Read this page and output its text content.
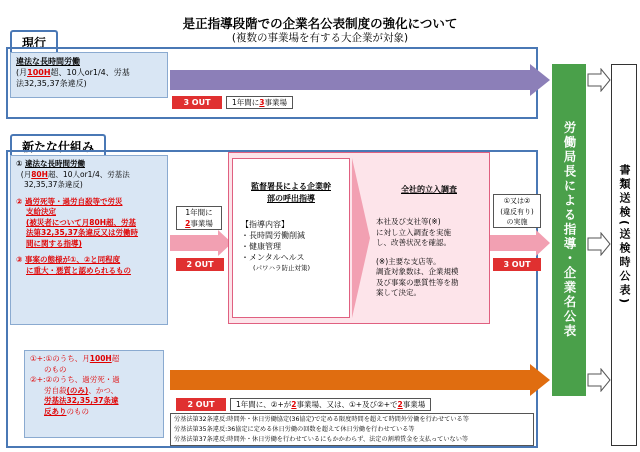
是正指導段階での企業名公表制度の強化について
(複数の事業場を有する大企業が対象)
現行
違法な長時間労働
(月100H超、10人or1/4、労基
法32,35,37条違反)
3 OUT	1年間に3事業場
新たな仕組み
① 違法な長時間労働
(月80H超、10人or1/4、労基法
32,35,37条違反)
② 過労死等・過労自殺等で労災
支給決定
(被災者について月80H超、労基
法第32,35,37条違反又は労働時
間に関する指導)
③ 事案の態様が①、②と同程度
に重大・悪質と認められるもの
①+:①のうち、月100H超
のもの
②+:②のうち、過労死・過
労自殺(のみ)、かつ、
労基法32,35,37条違
反ありのもの
1年間に
2事業場
2 OUT
監督署長による企業幹
部の呼出指導
【指導内容】
・長時間労働削減
・健康管理
・メンタルヘルス
(パワハラ防止対策)
全社的立入調査
本社及び支社等(※)
に対し立入調査を実施
し、改善状況を確認。
(※)主要な支店等。
調査対象数は、企業規模
及び事案の悪質性等を勘
案して決定。
①又は②
(違反有り)
の実施
3 OUT
2 OUT	1年間に、②+が2事業場、又は、①+及び②+で2事業場
労基法第32条違反:時間外・休日労働協定(36協定)で定める限度時間を超えて時間外労働を行わせている等
労基法第35条違反:36協定に定める休日労働の回数を超えて休日労働を行わせている等
労基法第37条違反:時間外・休日労働を行わせているにもかかわらず、法定の割増賃金を支払っていない等
労働局長による指導・企業名公表	書類送検(送検時公表)
